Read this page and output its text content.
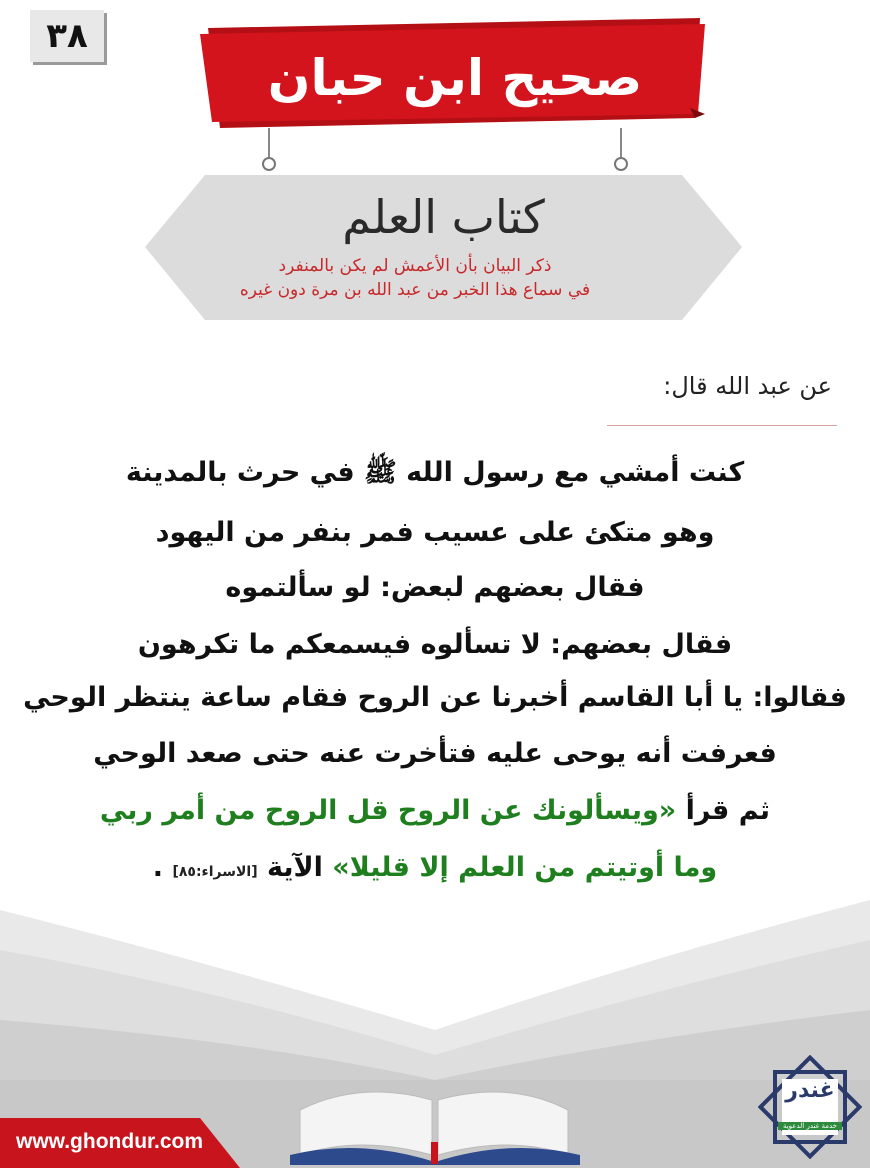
٣٨
صحيح ابن حبان
كتاب العلم
ذكر البيان بأن الأعمش لم يكن بالمنفرد
في سماع هذا الخبر من عبد الله بن مرة دون غيره
عن عبد الله قال:
كنت أمشي مع رسول الله ﷺ في حرث بالمدينة
وهو متكئ على عسيب فمر بنفر من اليهود
فقال بعضهم لبعض: لو سألتموه
فقال بعضهم: لا تسألوه فيسمعكم ما تكرهون
فقالوا: يا أبا القاسم أخبرنا عن الروح فقام ساعة ينتظر الوحي
فعرفت أنه يوحى عليه فتأخرت عنه حتى صعد الوحي
ثم قرأ «ويسألونك عن الروح قل الروح من أمر ربي
وما أوتيتم من العلم إلا قليلا» الآية [الاسراء:٨٥] .
www.ghondur.com
غندر
خدمة غندر الدعوية
